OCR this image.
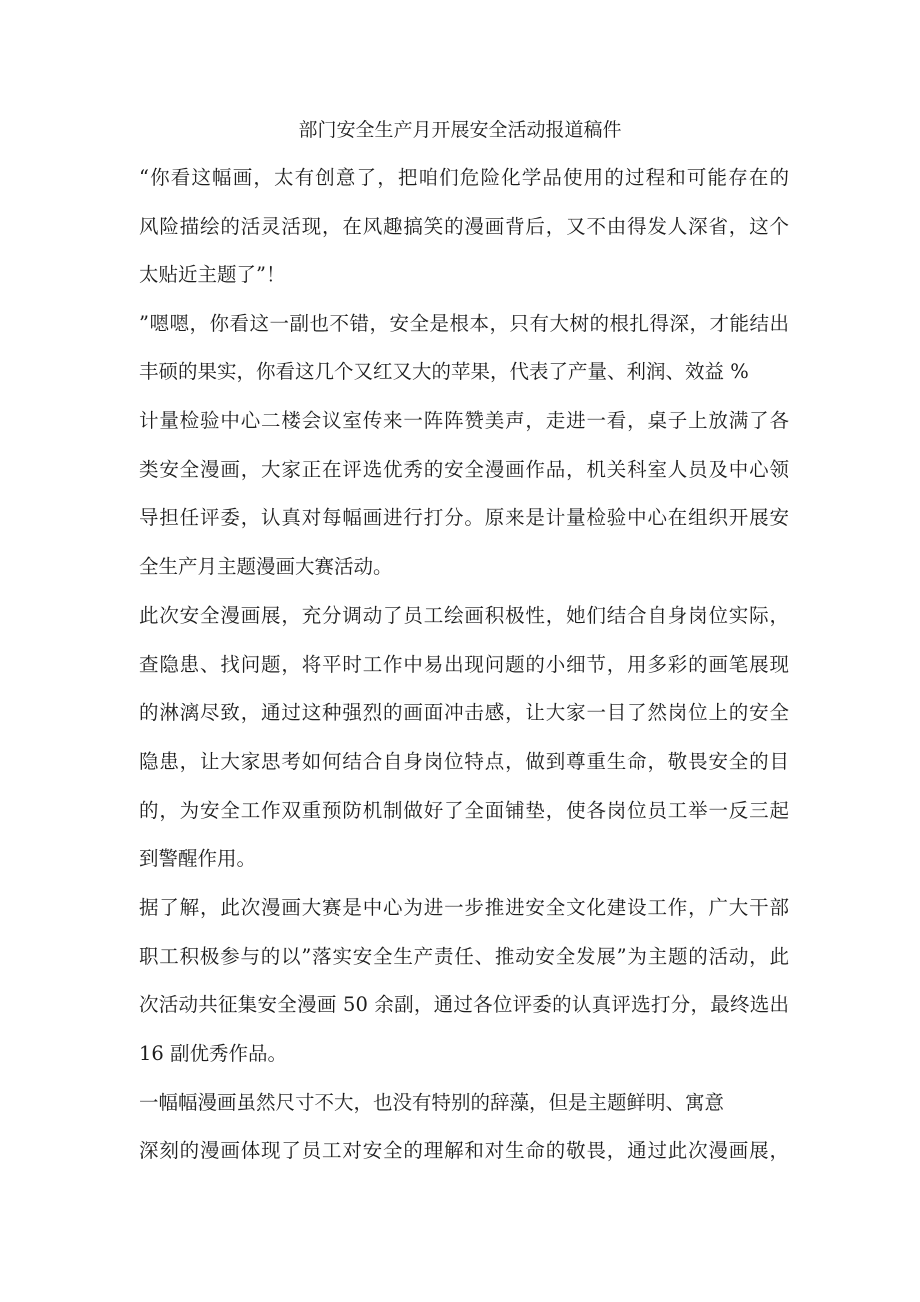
部门安全生产月开展安全活动报道稿件
“你看这幅画，太有创意了，把咱们危险化学品使用的过程和可能存在的
风险描绘的活灵活现，在风趣搞笑的漫画背后，又不由得发人深省，这个
太贴近主题了”！
”嗯嗯，你看这一副也不错，安全是根本，只有大树的根扎得深，才能结出
丰硕的果实，你看这几个又红又大的苹果，代表了产量、利润、效益 %
计量检验中心二楼会议室传来一阵阵赞美声，走进一看，桌子上放满了各
类安全漫画，大家正在评选优秀的安全漫画作品，机关科室人员及中心领
导担任评委，认真对每幅画进行打分。原来是计量检验中心在组织开展安
全生产月主题漫画大赛活动。
此次安全漫画展，充分调动了员工绘画积极性，她们结合自身岗位实际，
查隐患、找问题，将平时工作中易出现问题的小细节，用多彩的画笔展现
的淋漓尽致，通过这种强烈的画面冲击感，让大家一目了然岗位上的安全
隐患，让大家思考如何结合自身岗位特点，做到尊重生命，敬畏安全的目
的，为安全工作双重预防机制做好了全面铺垫，使各岗位员工举一反三起
到警醒作用。
据了解，此次漫画大赛是中心为进一步推进安全文化建设工作，广大干部
职工积极参与的以”落实安全生产责任、推动安全发展”为主题的活动，此
次活动共征集安全漫画 50 余副，通过各位评委的认真评选打分，最终选出
16 副优秀作品。
一幅幅漫画虽然尺寸不大，也没有特别的辞藻，但是主题鲜明、寓意
深刻的漫画体现了员工对安全的理解和对生命的敬畏，通过此次漫画展，
